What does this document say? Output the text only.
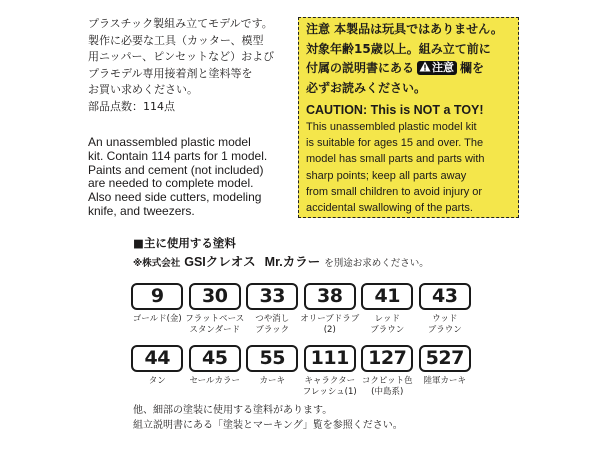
プラスチック製組み立てモデルです。
製作に必要な工具（カッター、模型
用ニッパー、ピンセットなど）および
プラモデル専用接着剤と塗料等を
お買い求めください。
部品点数：114点
An unassembled plastic model
kit. Contain 114 parts for 1 model.
Paints and cement (not included)
are needed to complete model.
Also need side cutters, modeling
knife, and tweezers.
注意 本製品は玩具ではありません。
対象年齢15歳以上。組み立て前に
付属の説明書にある 注意 欄を
必ずお読みください。
CAUTION: This is NOT a TOY!
This unassembled plastic model kit
is suitable for ages 15 and over. The
model has small parts and parts with
sharp points; keep all parts away
from small children to avoid injury or
accidental swallowing of the parts.
■主に使用する塗料
※株式会社 GSIクレオス Mr.カラー を別途お求めください。
9
ゴールド(金)
30
フラットベース
スタンダード
33
つや消し
ブラック
38
オリーブドラブ
(2)
41
レッド
ブラウン
43
ウッド
ブラウン
44
タン
45
セールカラー
55
カーキ
111
キャラクター
フレッシュ(1)
127
コクピット色
(中島系)
527
陸軍カーキ
他、細部の塗装に使用する塗料があります。
組立説明書にある「塗装とマーキング」覧を参照ください。
